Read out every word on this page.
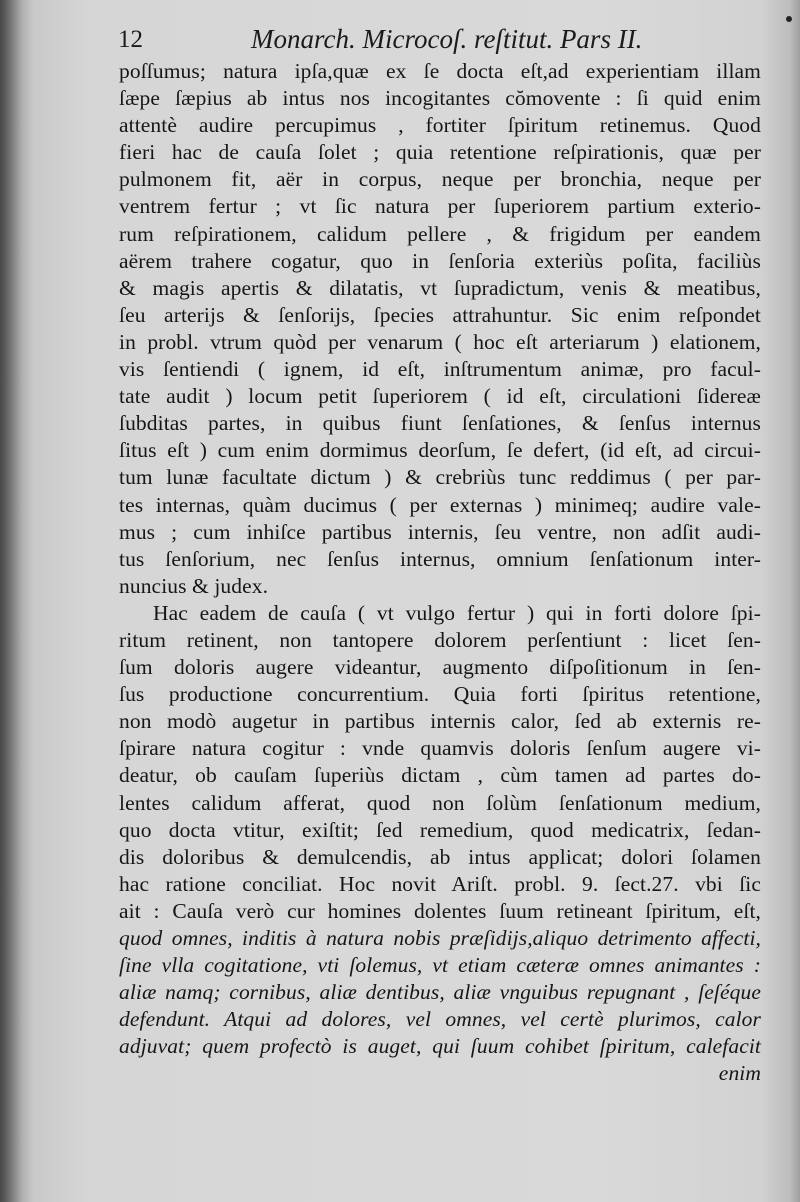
12	Monarch. Microcoſ. reſtitut. Pars II.
poſſumus; natura ipſa,quæ ex ſe docta eſt,ad experientiam illam
ſæpe ſæpius ab intus nos incogitantes cŏmovente : ſi quid enim
attentè audire percupimus , fortiter ſpiritum retinemus. Quod
fieri hac de cauſa ſolet ; quia retentione reſpirationis, quæ per
pulmonem fit, aër in corpus, neque per bronchia, neque per
ventrem fertur ; vt ſic natura per ſuperiorem partium exterio-
rum reſpirationem, calidum pellere , & frigidum per eandem
aërem trahere cogatur, quo in ſenſoria exteriùs poſita, faciliùs
& magis apertis & dilatatis, vt ſupradictum, venis & meatibus,
ſeu arterijs & ſenſorijs, ſpecies attrahuntur. Sic enim reſpondet
in probl. vtrum quòd per venarum ( hoc eſt arteriarum ) elationem,
vis ſentiendi ( ignem, id eſt, inſtrumentum animæ, pro facul-
tate audit ) locum petit ſuperiorem ( id eſt, circulationi ſidereæ
ſubditas partes, in quibus fiunt ſenſationes, & ſenſus internus
ſitus eſt ) cum enim dormimus deorſum, ſe defert, (id eſt, ad circui-
tum lunæ facultate dictum ) & crebriùs tunc reddimus ( per par-
tes internas, quàm ducimus ( per externas ) minimeq; audire vale-
mus ; cum inhiſce partibus internis, ſeu ventre, non adſit audi-
tus ſenſorium, nec ſenſus internus, omnium ſenſationum inter-
nuncius & judex.
Hac eadem de cauſa ( vt vulgo fertur ) qui in forti dolore ſpi-
ritum retinent, non tantopere dolorem perſentiunt : licet ſen-
ſum doloris augere videantur, augmento diſpoſitionum in ſen-
ſus productione concurrentium. Quia forti ſpiritus retentione,
non modò augetur in partibus internis calor, ſed ab externis re-
ſpirare natura cogitur : vnde quamvis doloris ſenſum augere vi-
deatur, ob cauſam ſuperiùs dictam , cùm tamen ad partes do-
lentes calidum afferat, quod non ſolùm ſenſationum medium,
quo docta vtitur, exiſtit; ſed remedium, quod medicatrix, ſedan-
dis doloribus & demulcendis, ab intus applicat; dolori ſolamen
hac ratione conciliat. Hoc novit Ariſt. probl. 9. ſect.27. vbi ſic
ait : Cauſa verò cur homines dolentes ſuum retineant ſpiritum, eſt,
quod omnes, inditis à natura nobis præſidijs,aliquo detrimento affecti,
ſine vlla cogitatione, vti ſolemus, vt etiam cæteræ omnes animantes :
aliæ namq; cornibus, aliæ dentibus, aliæ vnguibus repugnant , ſeſéque
defendunt. Atqui ad dolores, vel omnes, vel certè plurimos, calor
adjuvat; quem profectò is auget, qui ſuum cohibet ſpiritum, calefacit
enim
